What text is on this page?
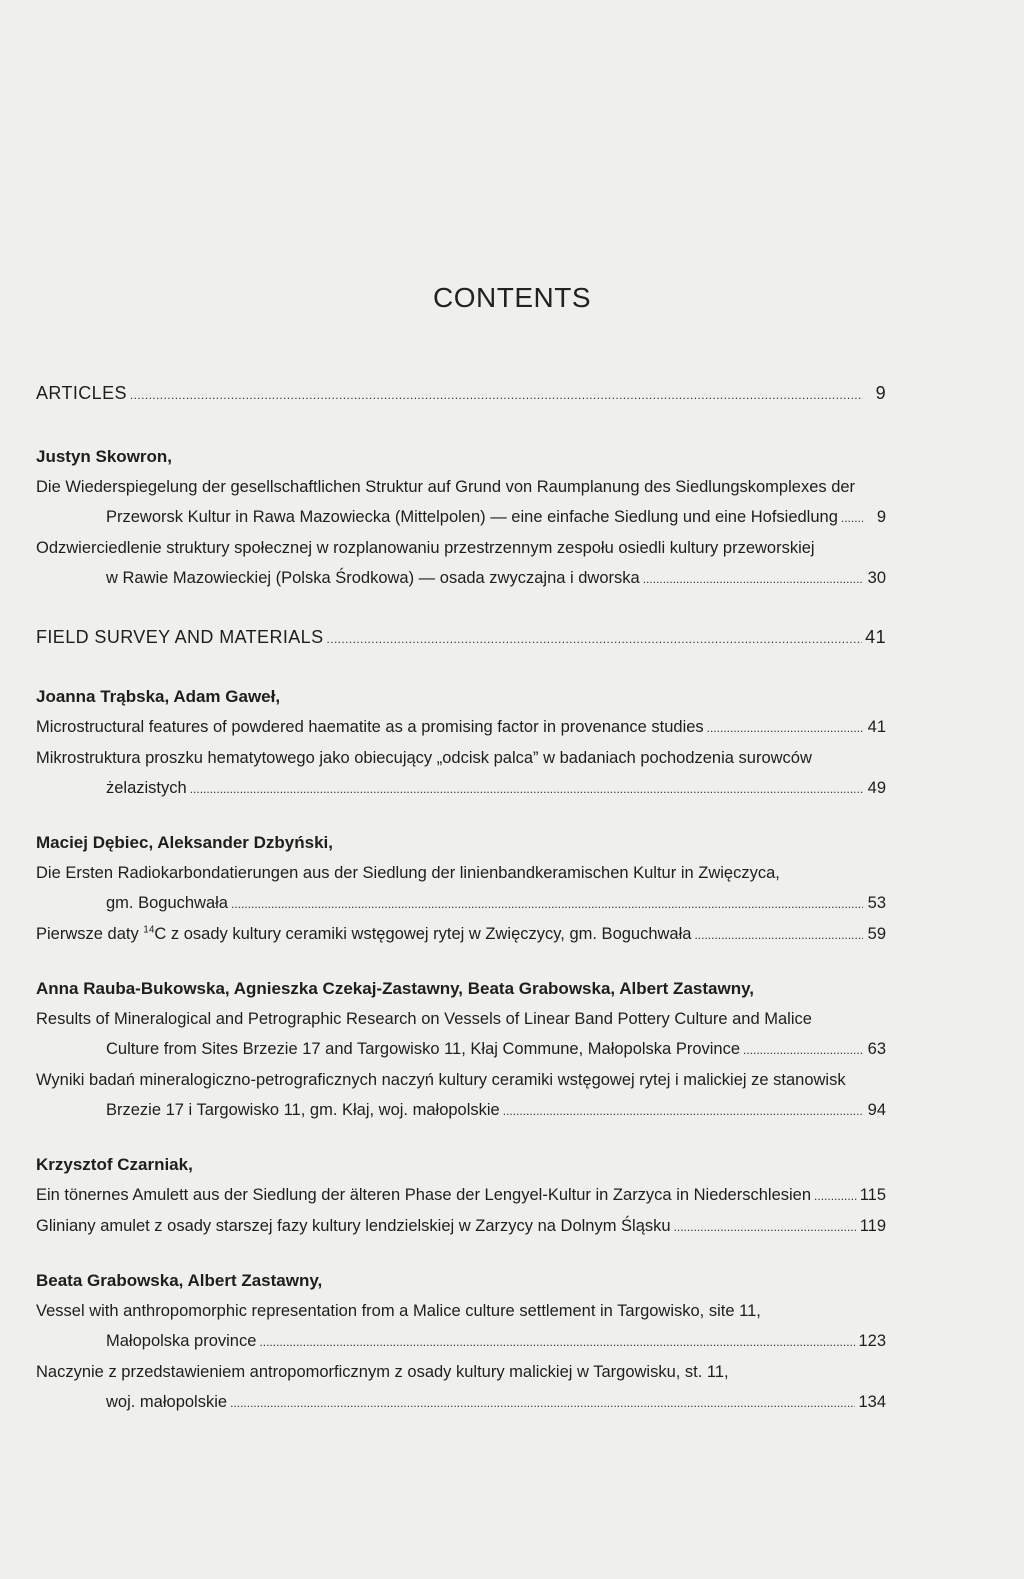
CONTENTS
ARTICLES .....	9
Justyn Skowron,
Die Wiederspiegelung der gesellschaftlichen Struktur auf Grund von Raumplanung des Siedlungskomplexes der
Przeworsk Kultur in Rawa Mazowiecka (Mittelpolen) — eine einfache Siedlung und eine Hofsiedlung .....	9
Odzwierciedlenie struktury społecznej w rozplanowaniu przestrzennym zespołu osiedli kultury przeworskiej
w Rawie Mazowieckiej (Polska Środkowa) — osada zwyczajna i dworska .....	30
FIELD SURVEY AND MATERIALS .....	41
Joanna Trąbska, Adam Gaweł,
Microstructural features of powdered haematite as a promising factor in provenance studies .....	41
Mikrostruktura proszku hematytowego jako obiecujący „odcisk palca” w badaniach pochodzenia surowców
żelazistych .....	49
Maciej Dębiec, Aleksander Dzbyński,
Die Ersten Radiokarbondatierungen aus der Siedlung der linienbandkeramischen Kultur in Zwięczyca,
gm. Boguchwała .....	53
Pierwsze daty $^{14}$C z osady kultury ceramiki wstęgowej rytej w Zwięczycy, gm. Boguchwała .....	59
Anna Rauba-Bukowska, Agnieszka Czekaj-Zastawny, Beata Grabowska, Albert Zastawny,
Results of Mineralogical and Petrographic Research on Vessels of Linear Band Pottery Culture and Malice
Culture from Sites Brzezie 17 and Targowisko 11, Kłaj Commune, Małopolska Province .....	63
Wyniki badań mineralogiczno-petrograficznych naczyń kultury ceramiki wstęgowej rytej i malickiej ze stanowisk
Brzezie 17 i Targowisko 11, gm. Kłaj, woj. małopolskie .....	94
Krzysztof Czarniak,
Ein tönernes Amulett aus der Siedlung der älteren Phase der Lengyel-Kultur in Zarzyca in Niederschlesien .....	115
Gliniany amulet z osady starszej fazy kultury lendzielskiej w Zarzycy na Dolnym Śląsku .....	119
Beata Grabowska, Albert Zastawny,
Vessel with anthropomorphic representation from a Malice culture settlement in Targowisko, site 11,
Małopolska province .....	123
Naczynie z przedstawieniem antropomorficznym z osady kultury malickiej w Targowisku, st. 11,
woj. małopolskie .....	134
